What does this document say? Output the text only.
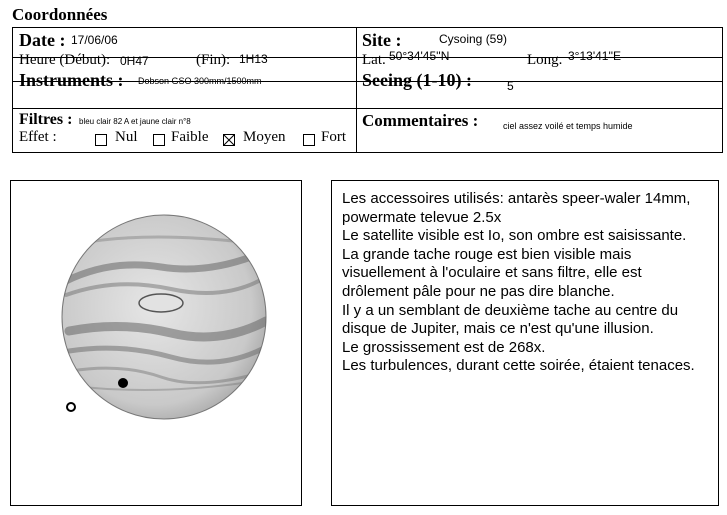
Coordonnées
Date : 17/06/06
Heure (Début): 0H47	(Fin): 1H13
Site :	Cysoing (59)
Lat. 50°34'45''N	Long. 3°13'41''E
Instruments : Dobson GSO 300mm/1500mm	Seeing (1-10) :	5
Filtres : bleu clair 82 A et jaune clair n°8
Effet :	Nul Faible Moyen Fort
Commentaires :	ciel assez voilé et temps humide

Les accessoires utilisés: antarès speer-waler 14mm, powermate televue 2.5x

Le satellite visible est Io, son ombre est saisissante.

La grande tache rouge est bien visible mais visuellement à l'oculaire et sans filtre, elle est drôlement pâle pour ne pas dire blanche.

Il y a un semblant de deuxième tache au centre du disque de Jupiter, mais ce n'est qu'une illusion.

Le grossissement est de 268x.

Les turbulences, durant cette soirée, étaient tenaces.
